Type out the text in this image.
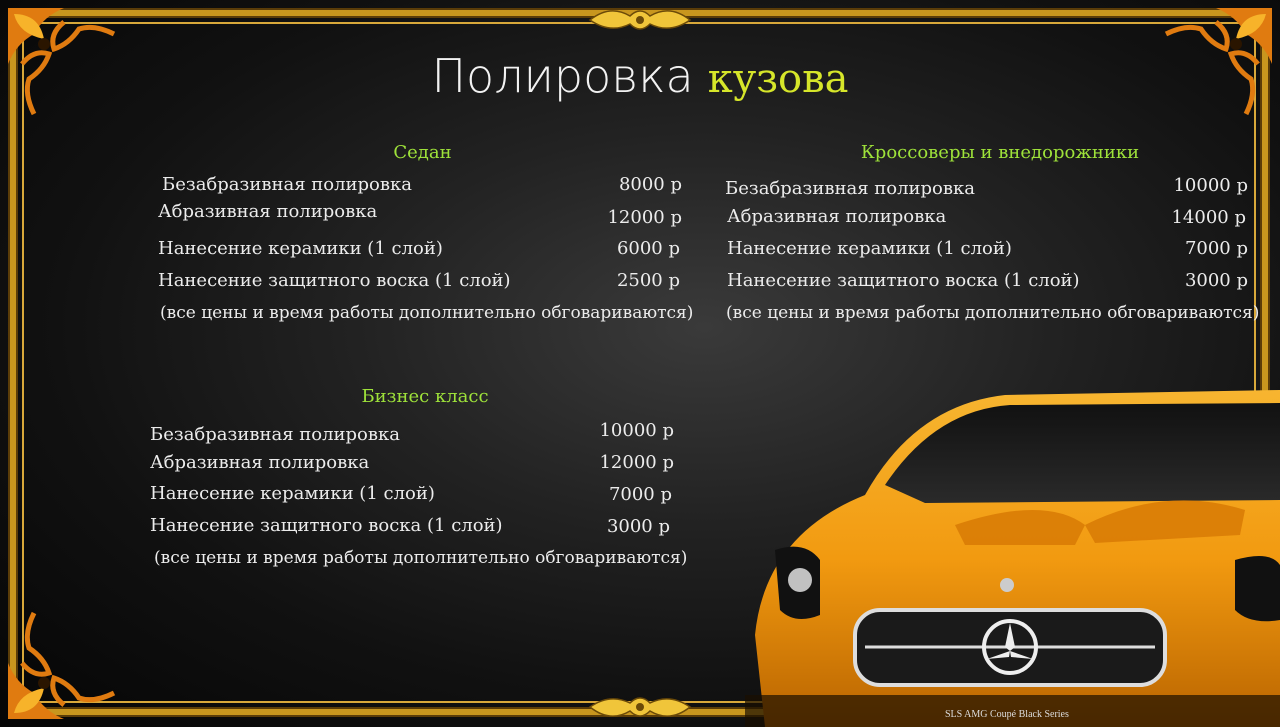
Полировка кузова
Седан
Безабразивная полировка	8000 р
Абразивная полировка	12000 р
Нанесение керамики (1 слой)	6000 р
Нанесение защитного воска (1 слой)	2500 р
(все цены и время работы дополнительно обговариваются)
Кроссоверы и внедорожники
Безабразивная полировка	10000 р
Абразивная полировка	14000 р
Нанесение керамики (1 слой)	7000 р
Нанесение защитного воска (1 слой)	3000 р
(все цены и время работы дополнительно обговариваются)
Бизнес класс
Безабразивная полировка	10000 р
Абразивная полировка	12000 р
Нанесение керамики (1 слой)	7000 р
Нанесение защитного воска (1 слой)	3000 р
(все цены и время работы дополнительно обговариваются)
SLS AMG Coupé Black Series
